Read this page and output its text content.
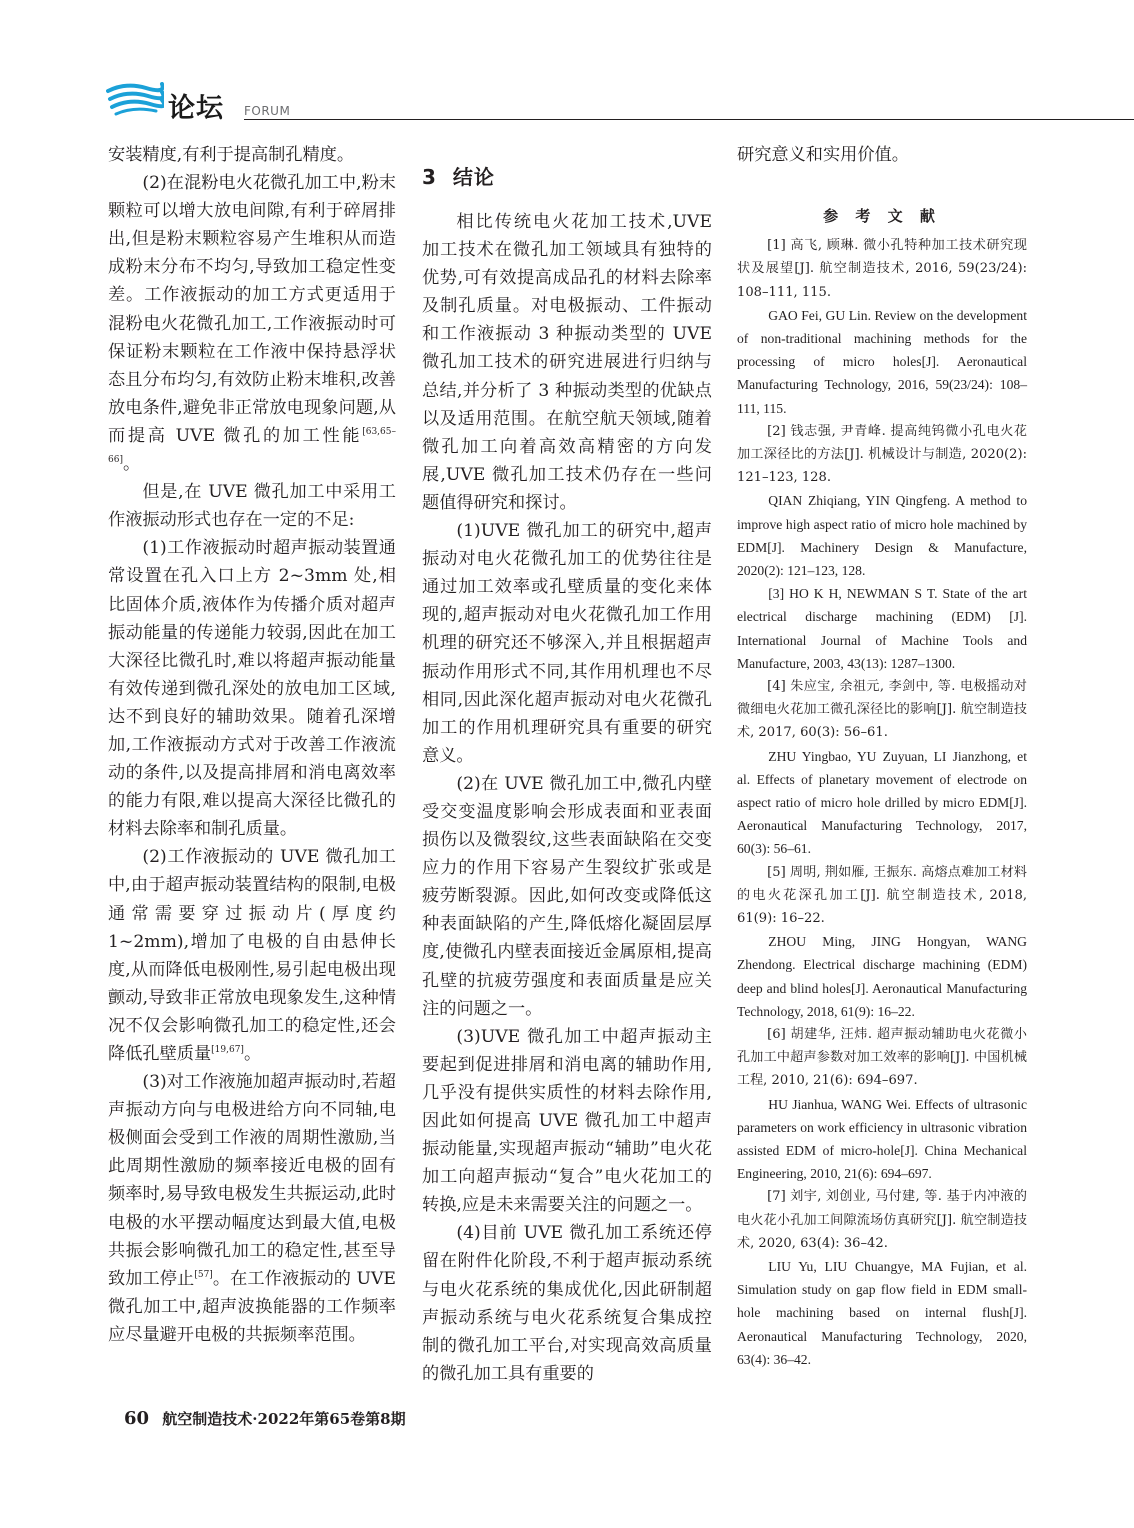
论坛 FORUM

安装精度,有利于提高制孔精度。

(2)在混粉电火花微孔加工中,粉末颗粒可以增大放电间隙,有利于碎屑排出,但是粉末颗粒容易产生堆积从而造成粉末分布不均匀,导致加工稳定性变差。工作液振动的加工方式更适用于混粉电火花微孔加工,工作液振动时可保证粉末颗粒在工作液中保持悬浮状态且分布均匀,有效防止粉末堆积,改善放电条件,避免非正常放电现象问题,从而提高 UVE 微孔的加工性能[63,65–66]。

但是,在 UVE 微孔加工中采用工作液振动形式也存在一定的不足:

(1)工作液振动时超声振动装置通常设置在孔入口上方 2~3mm 处,相比固体介质,液体作为传播介质对超声振动能量的传递能力较弱,因此在加工大深径比微孔时,难以将超声振动能量有效传递到微孔深处的放电加工区域,达不到良好的辅助效果。随着孔深增加,工作液振动方式对于改善工作液流动的条件,以及提高排屑和消电离效率的能力有限,难以提高大深径比微孔的材料去除率和制孔质量。

(2)工作液振动的 UVE 微孔加工中,由于超声振动装置结构的限制,电极通常需要穿过振动片(厚度约 1~2mm),增加了电极的自由悬伸长度,从而降低电极刚性,易引起电极出现颤动,导致非正常放电现象发生,这种情况不仅会影响微孔加工的稳定性,还会降低孔壁质量[19,67]。

(3)对工作液施加超声振动时,若超声振动方向与电极进给方向不同轴,电极侧面会受到工作液的周期性激励,当此周期性激励的频率接近电极的固有频率时,易导致电极发生共振运动,此时电极的水平摆动幅度达到最大值,电极共振会影响微孔加工的稳定性,甚至导致加工停止[57]。在工作液振动的 UVE 微孔加工中,超声波换能器的工作频率应尽量避开电极的共振频率范围。

3 结论

相比传统电火花加工技术,UVE 加工技术在微孔加工领域具有独特的优势,可有效提高成品孔的材料去除率及制孔质量。对电极振动、工件振动和工作液振动 3 种振动类型的 UVE 微孔加工技术的研究进展进行归纳与总结,并分析了 3 种振动类型的优缺点以及适用范围。在航空航天领域,随着微孔加工向着高效高精密的方向发展,UVE 微孔加工技术仍存在一些问题值得研究和探讨。

(1)UVE 微孔加工的研究中,超声振动对电火花微孔加工的优势往往是通过加工效率或孔壁质量的变化来体现的,超声振动对电火花微孔加工作用机理的研究还不够深入,并且根据超声振动作用形式不同,其作用机理也不尽相同,因此深化超声振动对电火花微孔加工的作用机理研究具有重要的研究意义。

(2)在 UVE 微孔加工中,微孔内壁受交变温度影响会形成表面和亚表面损伤以及微裂纹,这些表面缺陷在交变应力的作用下容易产生裂纹扩张或是疲劳断裂源。因此,如何改变或降低这种表面缺陷的产生,降低熔化凝固层厚度,使微孔内壁表面接近金属原相,提高孔壁的抗疲劳强度和表面质量是应关注的问题之一。

(3)UVE 微孔加工中超声振动主要起到促进排屑和消电离的辅助作用,几乎没有提供实质性的材料去除作用,因此如何提高 UVE 微孔加工中超声振动能量,实现超声振动“辅助”电火花加工向超声振动“复合”电火花加工的转换,应是未来需要关注的问题之一。

(4)目前 UVE 微孔加工系统还停留在附件化阶段,不利于超声振动系统与电火花系统的集成优化,因此研制超声振动系统与电火花系统复合集成控制的微孔加工平台,对实现高效高质量的微孔加工具有重要的

研究意义和实用价值。

参 考 文 献

[1] 高飞, 顾琳. 微小孔特种加工技术研究现状及展望[J]. 航空制造技术, 2016, 59(23/24): 108–111, 115.

GAO Fei, GU Lin. Review on the development of non-traditional machining methods for the processing of micro holes[J]. Aeronautical Manufacturing Technology, 2016, 59(23/24): 108–111, 115.

[2] 钱志强, 尹青峰. 提高纯钨微小孔电火花加工深径比的方法[J]. 机械设计与制造, 2020(2): 121–123, 128.

QIAN Zhiqiang, YIN Qingfeng. A method to improve high aspect ratio of micro hole machined by EDM[J]. Machinery Design & Manufacture, 2020(2): 121–123, 128.

[3] HO K H, NEWMAN S T. State of the art electrical discharge machining (EDM) [J]. International Journal of Machine Tools and Manufacture, 2003, 43(13): 1287–1300.

[4] 朱应宝, 余祖元, 李剑中, 等. 电极摇动对微细电火花加工微孔深径比的影响[J]. 航空制造技术, 2017, 60(3): 56–61.

ZHU Yingbao, YU Zuyuan, LI Jianzhong, et al. Effects of planetary movement of electrode on aspect ratio of micro hole drilled by micro EDM[J]. Aeronautical Manufacturing Technology, 2017, 60(3): 56–61.

[5] 周明, 荆如雁, 王振东. 高熔点难加工材料的电火花深孔加工[J]. 航空制造技术, 2018, 61(9): 16–22.

ZHOU Ming, JING Hongyan, WANG Zhendong. Electrical discharge machining (EDM) deep and blind holes[J]. Aeronautical Manufacturing Technology, 2018, 61(9): 16–22.

[6] 胡建华, 汪炜. 超声振动辅助电火花微小孔加工中超声参数对加工效率的影响[J]. 中国机械工程, 2010, 21(6): 694–697.

HU Jianhua, WANG Wei. Effects of ultrasonic parameters on work efficiency in ultrasonic vibration assisted EDM of micro-hole[J]. China Mechanical Engineering, 2010, 21(6): 694–697.

[7] 刘宇, 刘创业, 马付建, 等. 基于内冲液的电火花小孔加工间隙流场仿真研究[J]. 航空制造技术, 2020, 63(4): 36–42.

LIU Yu, LIU Chuangye, MA Fujian, et al. Simulation study on gap flow field in EDM small-hole machining based on internal flush[J]. Aeronautical Manufacturing Technology, 2020, 63(4): 36–42.

60 航空制造技术·2022年第65卷第8期
